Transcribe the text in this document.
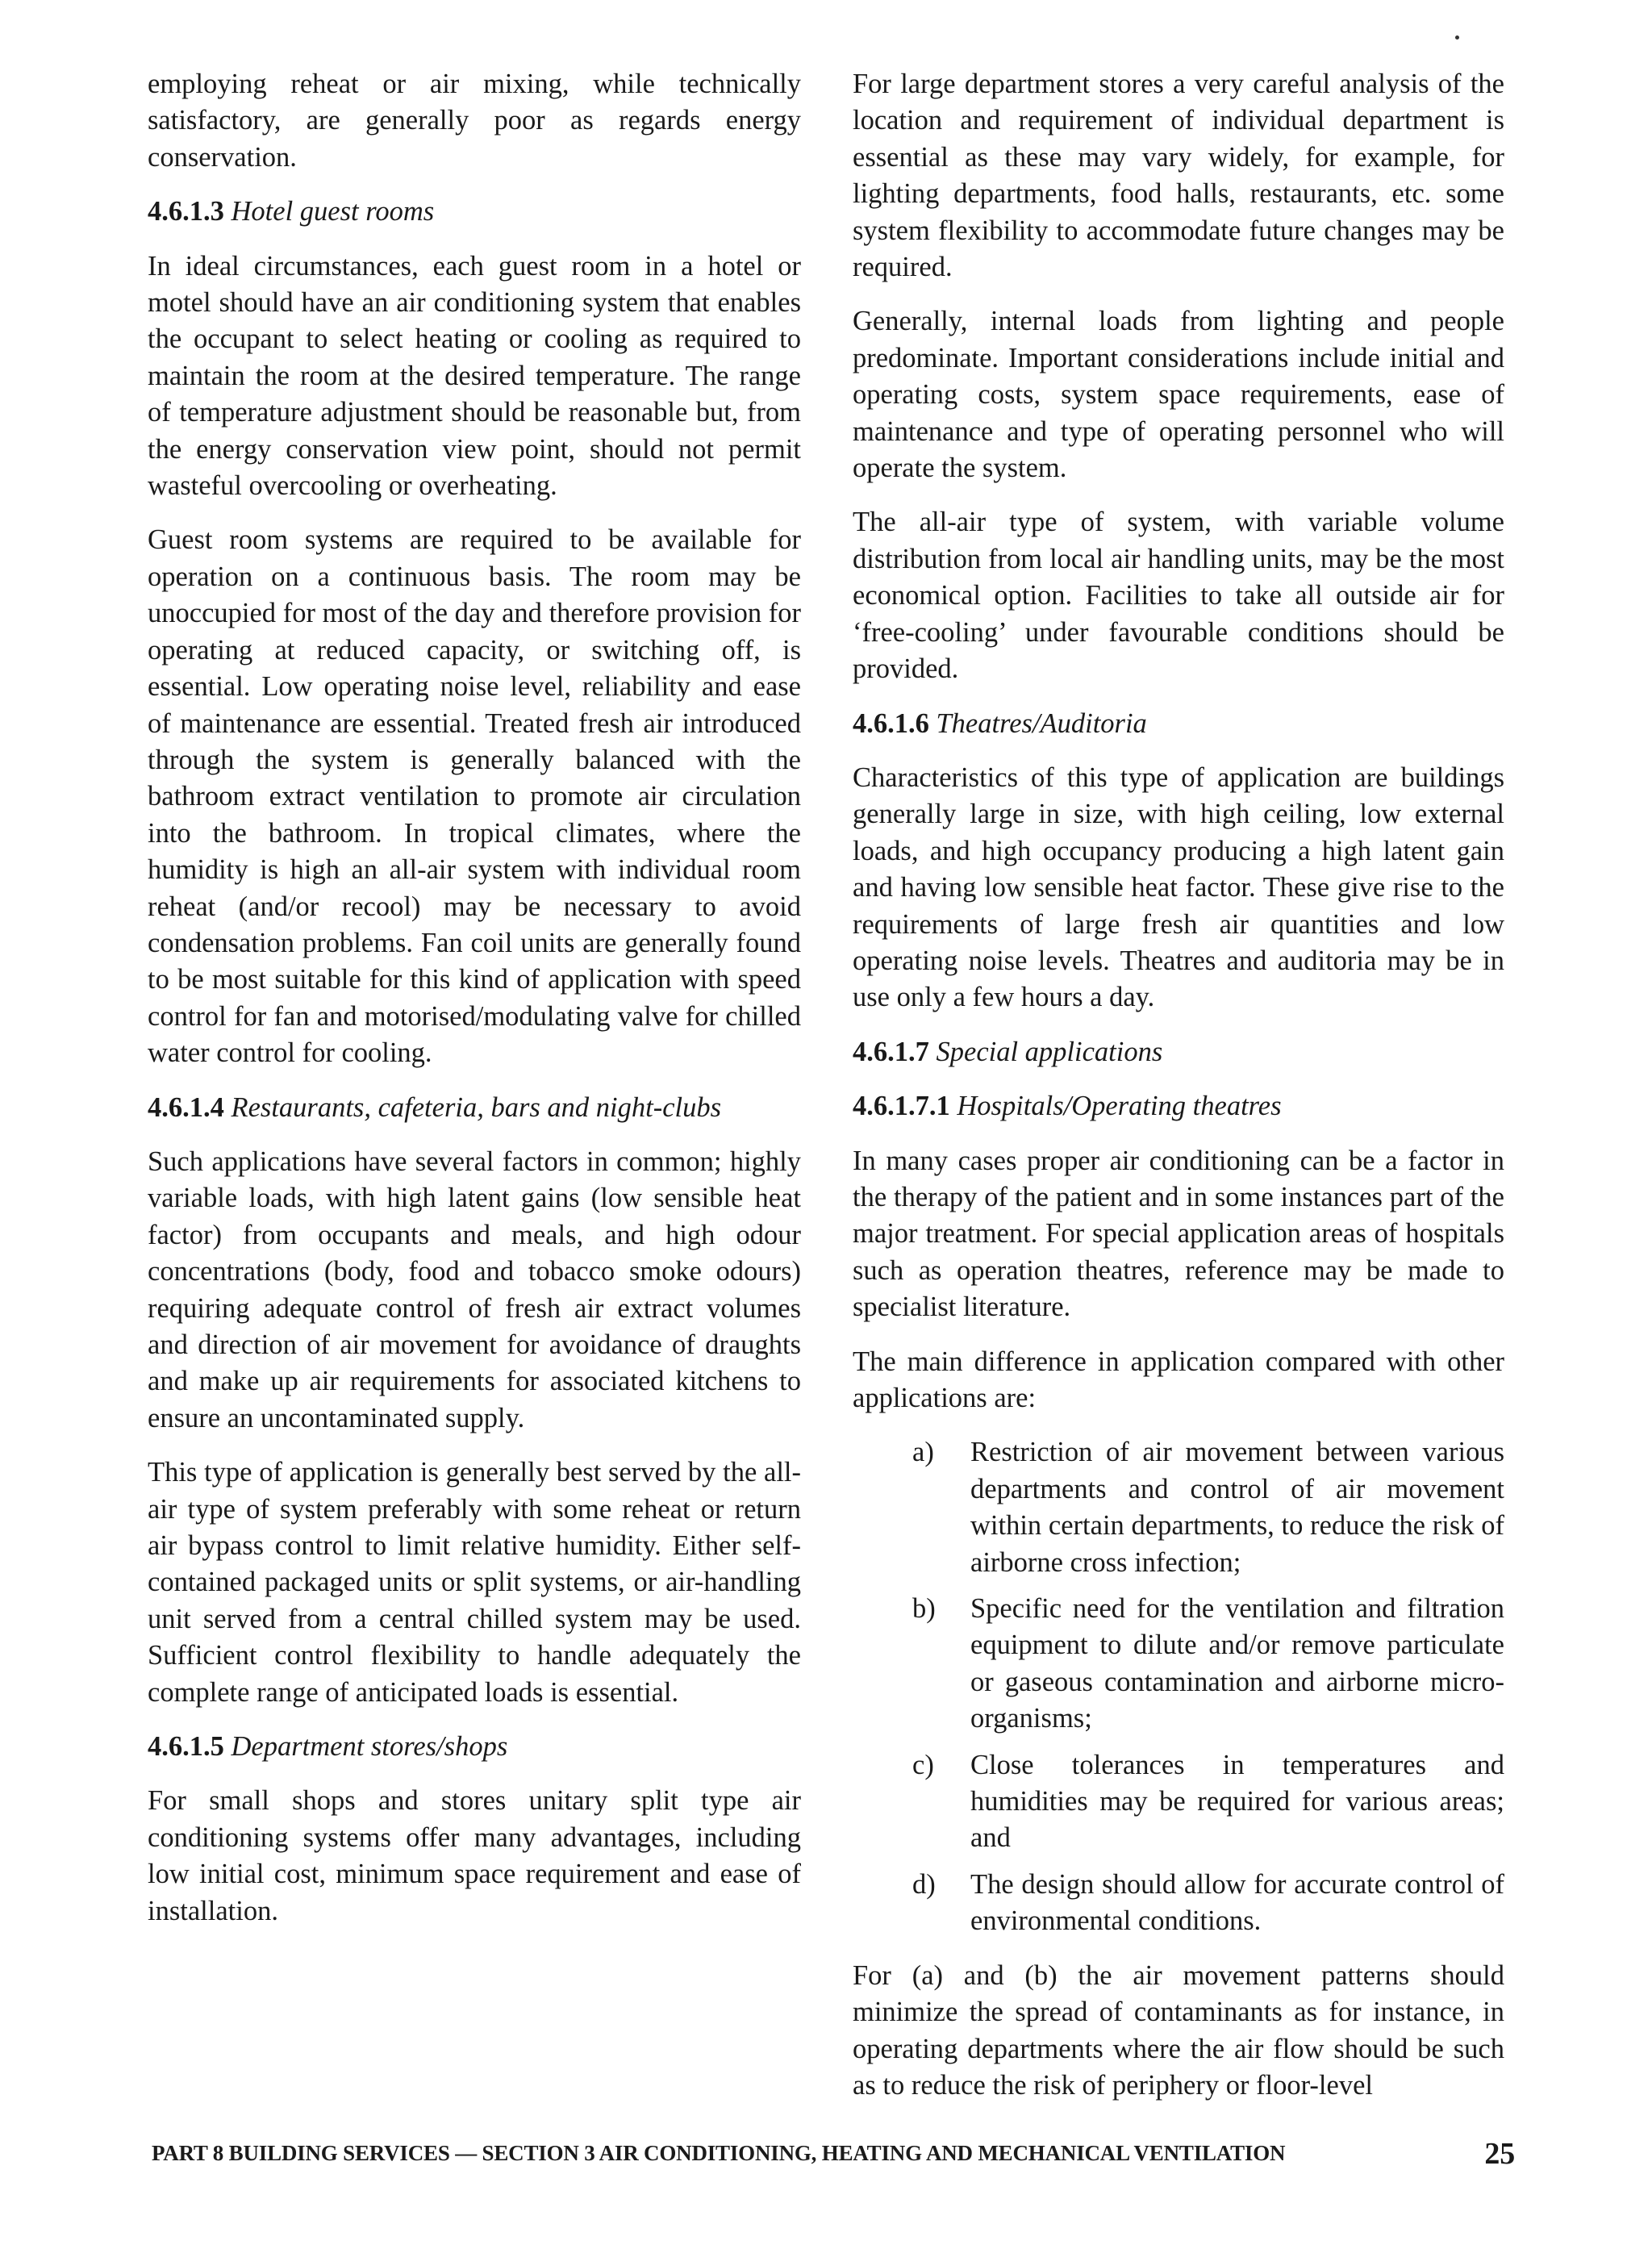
employing reheat or air mixing, while technically satisfactory, are generally poor as regards energy conservation.

4.6.1.3 Hotel guest rooms

In ideal circumstances, each guest room in a hotel or motel should have an air conditioning system that enables the occupant to select heating or cooling as required to maintain the room at the desired temperature. The range of temperature adjustment should be reasonable but, from the energy conservation view point, should not permit wasteful overcooling or overheating.

Guest room systems are required to be available for operation on a continuous basis. The room may be unoccupied for most of the day and therefore provision for operating at reduced capacity, or switching off, is essential. Low operating noise level, reliability and ease of maintenance are essential. Treated fresh air introduced through the system is generally balanced with the bathroom extract ventilation to promote air circulation into the bathroom. In tropical climates, where the humidity is high an all-air system with individual room reheat (and/or recool) may be necessary to avoid condensation problems. Fan coil units are generally found to be most suitable for this kind of application with speed control for fan and motorised/modulating valve for chilled water control for cooling.

4.6.1.4 Restaurants, cafeteria, bars and night-clubs

Such applications have several factors in common; highly variable loads, with high latent gains (low sensible heat factor) from occupants and meals, and high odour concentrations (body, food and tobacco smoke odours) requiring adequate control of fresh air extract volumes and direction of air movement for avoidance of draughts and make up air requirements for associated kitchens to ensure an uncontaminated supply.

This type of application is generally best served by the all-air type of system preferably with some reheat or return air bypass control to limit relative humidity. Either self-contained packaged units or split systems, or air-handling unit served from a central chilled system may be used. Sufficient control flexibility to handle adequately the complete range of anticipated loads is essential.

4.6.1.5 Department stores/shops

For small shops and stores unitary split type air conditioning systems offer many advantages, including low initial cost, minimum space requirement and ease of installation.

For large department stores a very careful analysis of the location and requirement of individual department is essential as these may vary widely, for example, for lighting departments, food halls, restaurants, etc. some system flexibility to accommodate future changes may be required.

Generally, internal loads from lighting and people predominate. Important considerations include initial and operating costs, system space requirements, ease of maintenance and type of operating personnel who will operate the system.

The all-air type of system, with variable volume distribution from local air handling units, may be the most economical option. Facilities to take all outside air for ‘free-cooling’ under favourable conditions should be provided.

4.6.1.6 Theatres/Auditoria

Characteristics of this type of application are buildings generally large in size, with high ceiling, low external loads, and high occupancy producing a high latent gain and having low sensible heat factor. These give rise to the requirements of large fresh air quantities and low operating noise levels. Theatres and auditoria may be in use only a few hours a day.

4.6.1.7 Special applications
4.6.1.7.1 Hospitals/Operating theatres

In many cases proper air conditioning can be a factor in the therapy of the patient and in some instances part of the major treatment. For special application areas of hospitals such as operation theatres, reference may be made to specialist literature.

The main difference in application compared with other applications are:

a)	Restriction of air movement between various departments and control of air movement within certain departments, to reduce the risk of airborne cross infection;
b)	Specific need for the ventilation and filtration equipment to dilute and/or remove particulate or gaseous contamination and airborne micro-organisms;
c)	Close tolerances in temperatures and humidities may be required for various areas; and
d)	The design should allow for accurate control of environmental conditions.

For (a) and (b) the air movement patterns should minimize the spread of contaminants as for instance, in operating departments where the air flow should be such as to reduce the risk of periphery or floor-level

PART 8 BUILDING SERVICES — SECTION 3 AIR CONDITIONING, HEATING AND MECHANICAL VENTILATION	25
